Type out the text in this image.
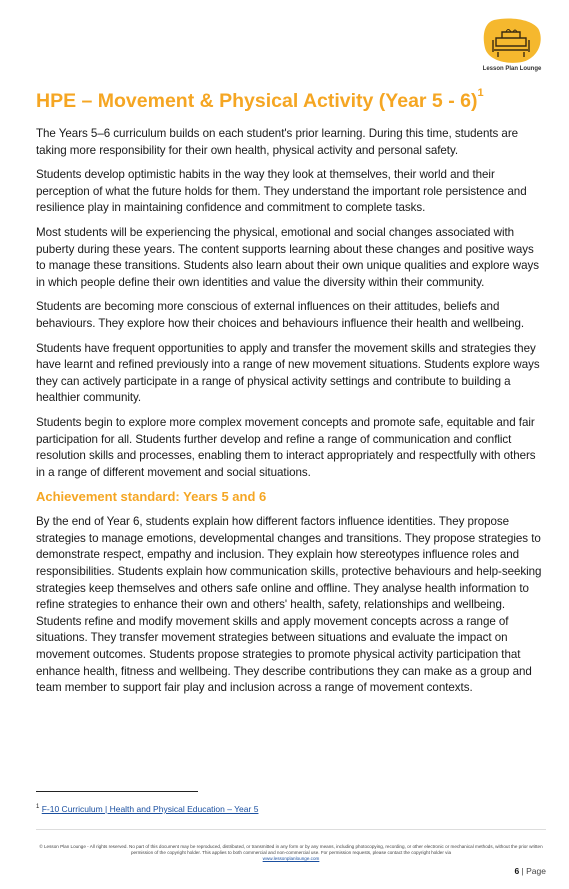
Lesson Plan Lounge
HPE – Movement & Physical Activity (Year 5 - 6)$^1$

The Years 5–6 curriculum builds on each student's prior learning. During this time, students are taking more responsibility for their own health, physical activity and personal safety.

Students develop optimistic habits in the way they look at themselves, their world and their perception of what the future holds for them. They understand the important role persistence and resilience play in maintaining confidence and commitment to complete tasks.

Most students will be experiencing the physical, emotional and social changes associated with puberty during these years. The content supports learning about these changes and positive ways to manage these transitions. Students also learn about their own unique qualities and explore ways in which people define their own identities and value the diversity within their community.

Students are becoming more conscious of external influences on their attitudes, beliefs and behaviours. They explore how their choices and behaviours influence their health and wellbeing.

Students have frequent opportunities to apply and transfer the movement skills and strategies they have learnt and refined previously into a range of new movement situations. Students explore ways they can actively participate in a range of physical activity settings and contribute to building a healthier community.

Students begin to explore more complex movement concepts and promote safe, equitable and fair participation for all. Students further develop and refine a range of communication and conflict resolution skills and processes, enabling them to interact appropriately and respectfully with others in a range of different movement and social situations.

Achievement standard: Years 5 and 6

By the end of Year 6, students explain how different factors influence identities. They propose strategies to manage emotions, developmental changes and transitions. They propose strategies to demonstrate respect, empathy and inclusion. They explain how stereotypes influence roles and responsibilities. Students explain how communication skills, protective behaviours and help-seeking strategies keep themselves and others safe online and offline. They analyse health information to refine strategies to enhance their own and others' health, safety, relationships and wellbeing. Students refine and modify movement skills and apply movement concepts across a range of situations. They transfer movement strategies between situations and evaluate the impact on movement outcomes. Students propose strategies to promote physical activity participation that enhance health, fitness and wellbeing. They describe contributions they can make as a group and team member to support fair play and inclusion across a range of movement contexts.

$^1$ F-10 Curriculum | Health and Physical Education – Year 5
© Lesson Plan Lounge - All rights reserved. No part of this document may be reproduced, distributed, or transmitted in any form or by any means, including photocopying, recording, or other electronic or mechanical methods, without the prior written permission of the copyright holder. This applies to both commercial and non-commercial use. For permission requests, please contact the copyright holder via
www.lessonplanlounge.com
6 | Page
